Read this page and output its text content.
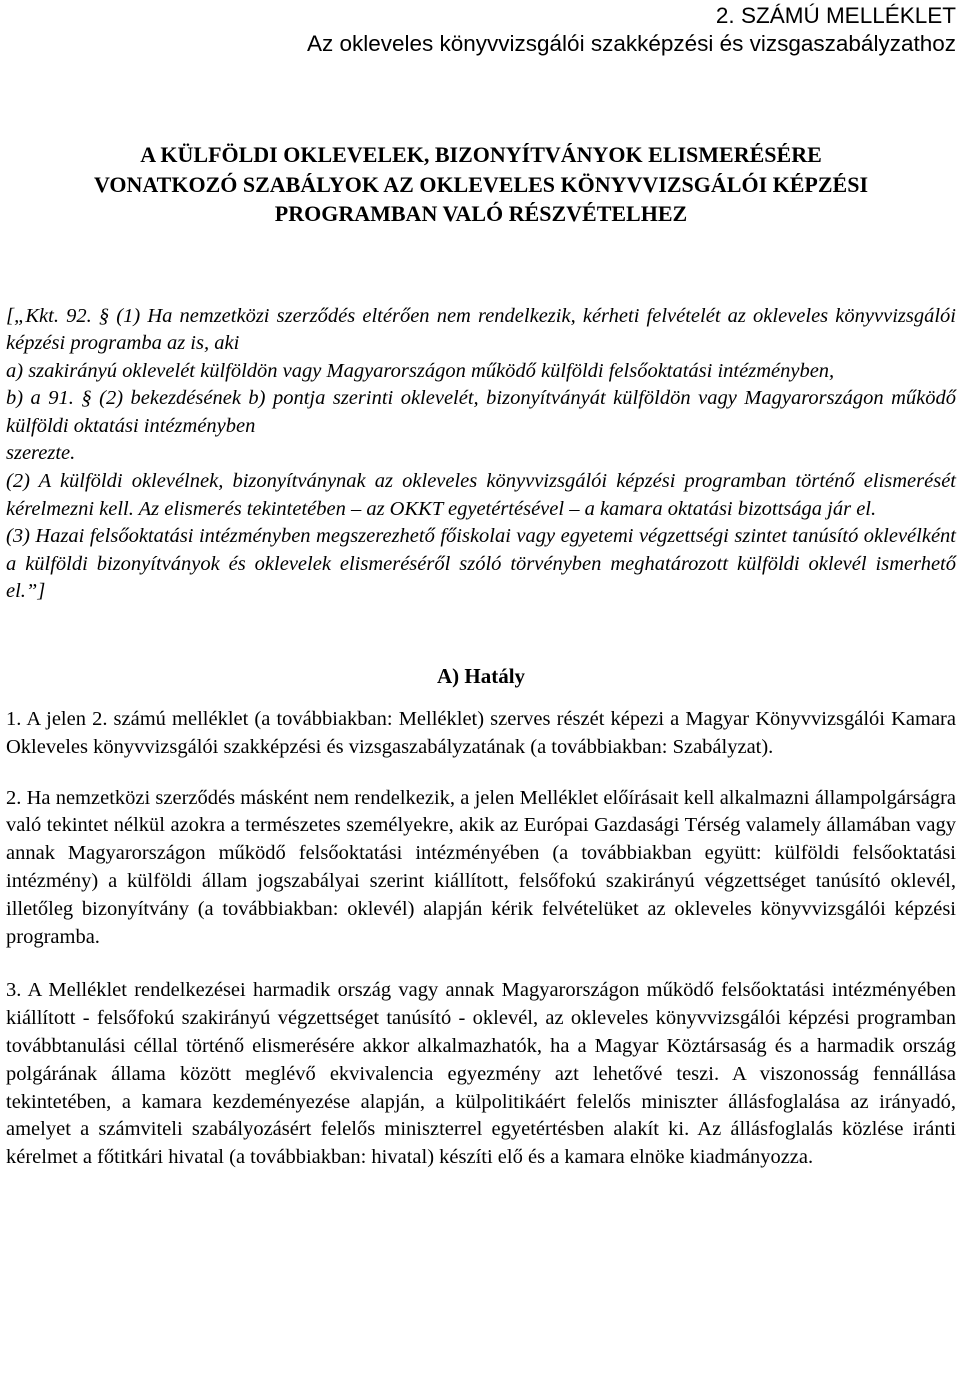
2. SZÁMÚ MELLÉKLET
Az okleveles könyvvizsgálói szakképzési és vizsgaszabályzathoz
A KÜLFÖLDI OKLEVELEK, BIZONYÍTVÁNYOK ELISMERÉSÉRE
VONATKOZÓ SZABÁLYOK AZ OKLEVELES KÖNYVVIZSGÁLÓI KÉPZÉSI
PROGRAMBAN VALÓ RÉSZVÉTELHEZ

[„Kkt. 92. § (1) Ha nemzetközi szerződés eltérően nem rendelkezik, kérheti felvételét az okleveles könyvvizsgálói képzési programba az is, aki

a) szakirányú oklevelét külföldön vagy Magyarországon működő külföldi felsőoktatási intézményben,

b) a 91. § (2) bekezdésének b) pontja szerinti oklevelét, bizonyítványát külföldön vagy Magyarországon működő külföldi oktatási intézményben

szerezte.

(2) A külföldi oklevélnek, bizonyítványnak az okleveles könyvvizsgálói képzési programban történő elismerését kérelmezni kell. Az elismerés tekintetében – az OKKT egyetértésével – a kamara oktatási bizottsága jár el.

(3) Hazai felsőoktatási intézményben megszerezhető főiskolai vagy egyetemi végzettségi szintet tanúsító oklevélként a külföldi bizonyítványok és oklevelek elismeréséről szóló törvényben meghatározott külföldi oklevél ismerhető el.”]

A) Hatály

1. A jelen 2. számú melléklet (a továbbiakban: Melléklet) szerves részét képezi a Magyar Könyvvizsgálói Kamara Okleveles könyvvizsgálói szakképzési és vizsgaszabályzatának (a továbbiakban: Szabályzat).

2. Ha nemzetközi szerződés másként nem rendelkezik, a jelen Melléklet előírásait kell alkalmazni állampolgárságra való tekintet nélkül azokra a természetes személyekre, akik az Európai Gazdasági Térség valamely államában vagy annak Magyarországon működő felsőoktatási intézményében (a továbbiakban együtt: külföldi felsőoktatási intézmény) a külföldi állam jogszabályai szerint kiállított, felsőfokú szakirányú végzettséget tanúsító oklevél, illetőleg bizonyítvány (a továbbiakban: oklevél) alapján kérik felvételüket az okleveles könyvvizsgálói képzési programba.

3. A Melléklet rendelkezései harmadik ország vagy annak Magyarországon működő felsőoktatási intézményében kiállított - felsőfokú szakirányú végzettséget tanúsító - oklevél, az okleveles könyvvizsgálói képzési programban továbbtanulási céllal történő elismerésére akkor alkalmazhatók, ha a Magyar Köztársaság és a harmadik ország polgárának állama között meglévő ekvivalencia egyezmény azt lehetővé teszi. A viszonosság fennállása tekintetében, a kamara kezdeményezése alapján, a külpolitikáért felelős miniszter állásfoglalása az irányadó, amelyet a számviteli szabályozásért felelős miniszterrel egyetértésben alakít ki. Az állásfoglalás közlése iránti kérelmet a főtitkári hivatal (a továbbiakban: hivatal) készíti elő és a kamara elnöke kiadmányozza.
